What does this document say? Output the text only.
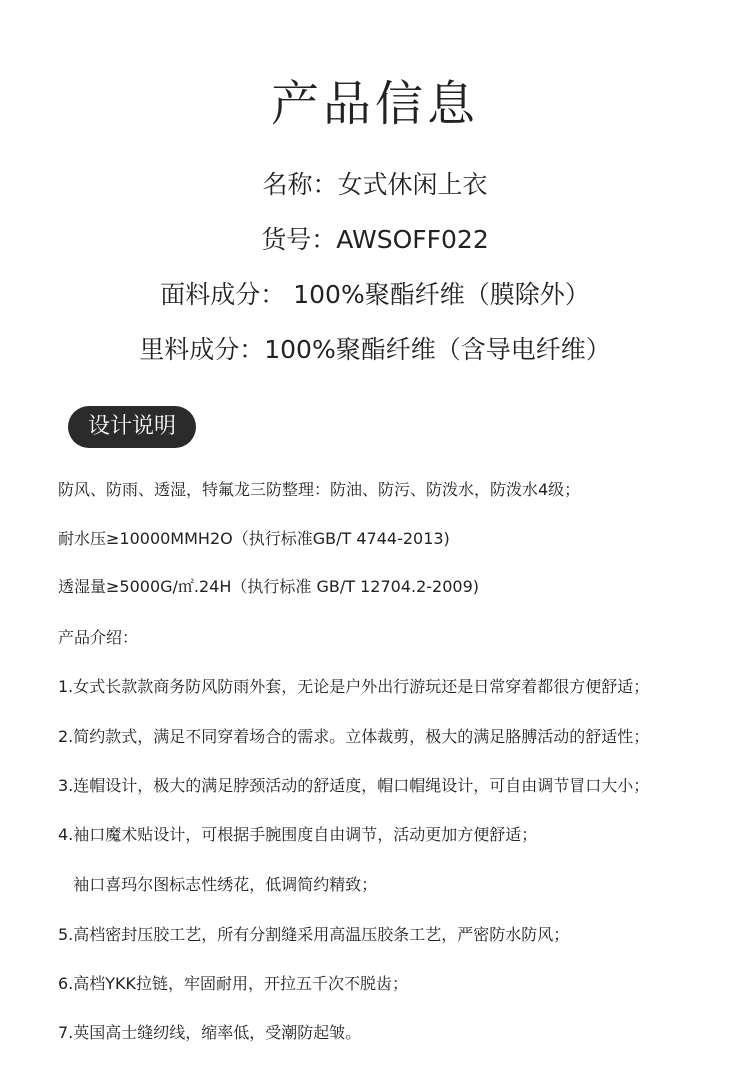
产品信息
名称：女式休闲上衣
货号：AWSOFF022
面料成分： 100%聚酯纤维（膜除外）
里料成分：100%聚酯纤维（含导电纤维）
设计说明
防风、防雨、透湿，特氟龙三防整理：防油、防污、防泼水，防泼水4级；
耐水压≥10000MMH2O（执行标准GB/T 4744-2013)
透湿量≥5000G/㎡.24H（执行标准 GB/T 12704.2-2009)
产品介绍：
1.女式长款款商务防风防雨外套，无论是户外出行游玩还是日常穿着都很方便舒适；
2.简约款式，满足不同穿着场合的需求。立体裁剪，极大的满足胳膊活动的舒适性；
3.连帽设计，极大的满足脖颈活动的舒适度，帽口帽绳设计，可自由调节冒口大小；
4.袖口魔术贴设计，可根据手腕围度自由调节，活动更加方便舒适；
袖口喜玛尔图标志性绣花，低调简约精致；
5.高档密封压胶工艺，所有分割缝采用高温压胶条工艺，严密防水防风；
6.高档YKK拉链，牢固耐用，开拉五千次不脱齿；
7.英国高士缝纫线，缩率低，受潮防起皱。
